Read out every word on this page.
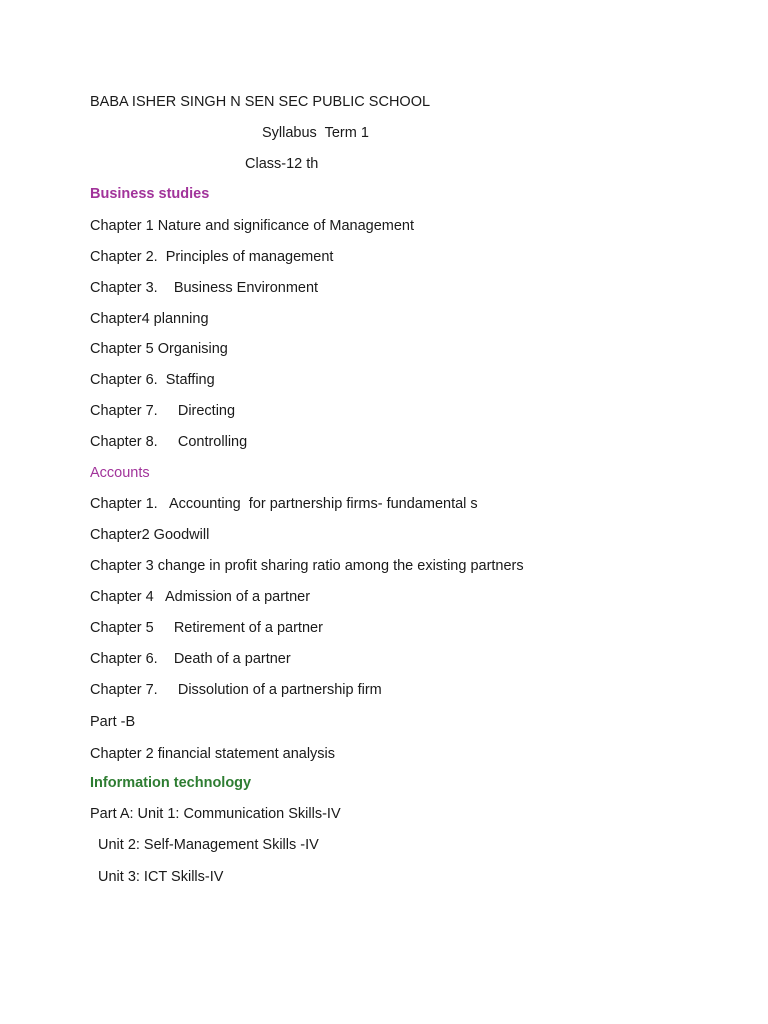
BABA ISHER SINGH N SEN SEC PUBLIC SCHOOL
Syllabus  Term 1
Class-12 th
Business studies
Chapter 1 Nature and significance of Management
Chapter 2.  Principles of management
Chapter 3.    Business Environment
Chapter4 planning
Chapter 5 Organising
Chapter 6.  Staffing
Chapter 7.     Directing
Chapter 8.     Controlling
Accounts
Chapter 1.   Accounting  for partnership firms- fundamental s
Chapter2 Goodwill
Chapter 3 change in profit sharing ratio among the existing partners
Chapter 4   Admission of a partner
Chapter 5     Retirement of a partner
Chapter 6.    Death of a partner
Chapter 7.     Dissolution of a partnership firm
Part -B
Chapter 2 financial statement analysis
Information technology
Part A: Unit 1: Communication Skills-IV
Unit 2: Self-Management Skills -IV
Unit 3: ICT Skills-IV
